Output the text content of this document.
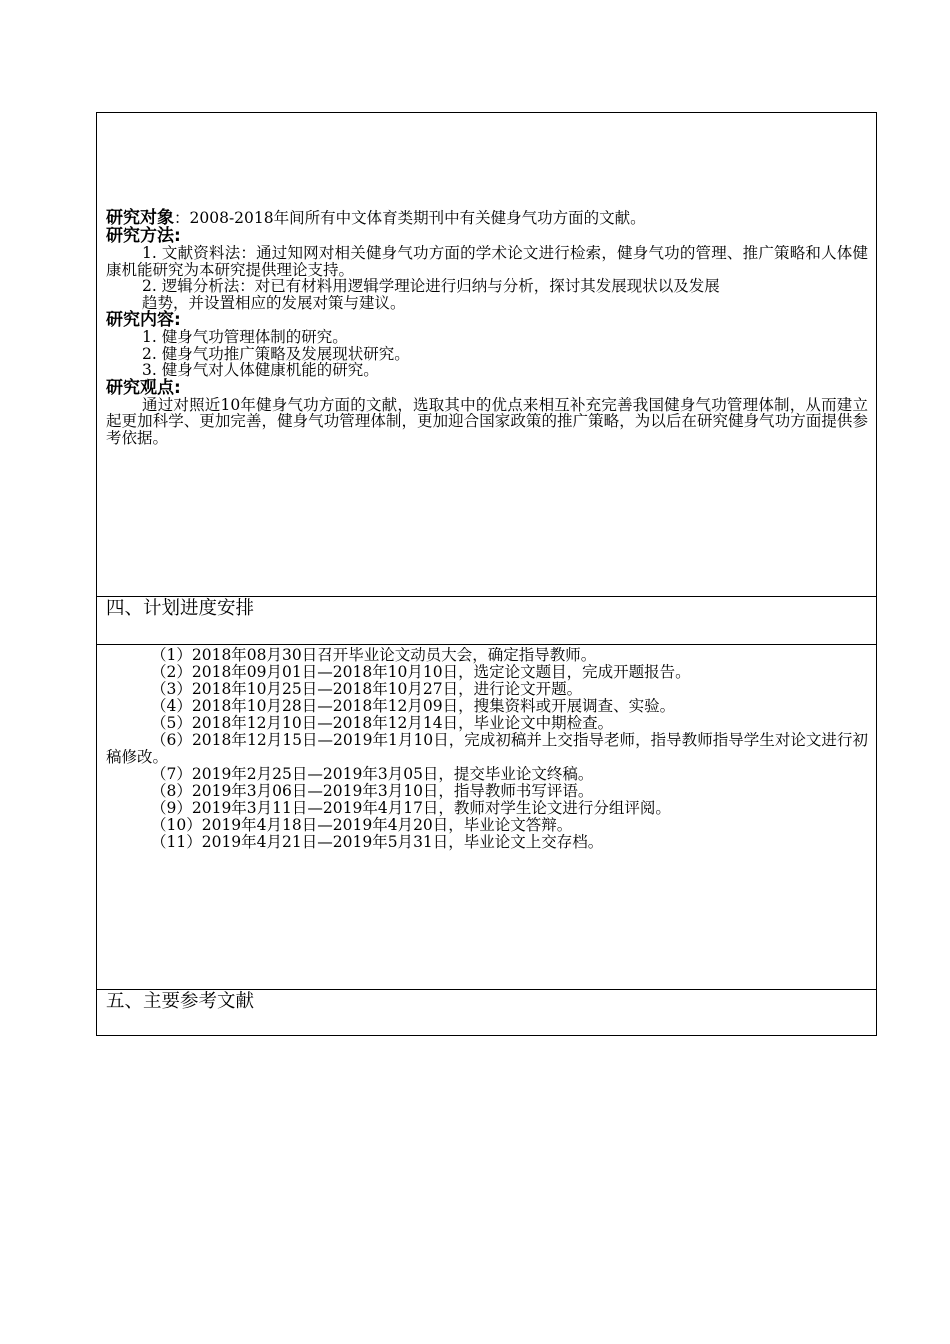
研究对象：2008-2018年间所有中文体育类期刊中有关健身气功方面的文献。

研究方法:

1. 文献资料法：通过知网对相关健身气功方面的学术论文进行检索，健身气功的管理、推广策略和人体健康机能研究为本研究提供理论支持。

2. 逻辑分析法：对已有材料用逻辑学理论进行归纳与分析，探讨其发展现状以及发展

趋势，并设置相应的发展对策与建议。

研究内容:

1. 健身气功管理体制的研究。

2. 健身气功推广策略及发展现状研究。

3. 健身气对人体健康机能的研究。

研究观点:

通过对照近10年健身气功方面的文献，选取其中的优点来相互补充完善我国健身气功管理体制，从而建立起更加科学、更加完善，健身气功管理体制，更加迎合国家政策的推广策略，为以后在研究健身气功方面提供参考依据。

四、计划进度安排

（1）2018年08月30日召开毕业论文动员大会，确定指导教师。

（2）2018年09月01日—2018年10月10日，选定论文题目，完成开题报告。

（3）2018年10月25日—2018年10月27日，进行论文开题。

（4）2018年10月28日—2018年12月09日，搜集资料或开展调查、实验。

（5）2018年12月10日—2018年12月14日，毕业论文中期检查。

（6）2018年12月15日—2019年1月10日，完成初稿并上交指导老师，指导教师指导学生对论文进行初稿修改。

（7）2019年2月25日—2019年3月05日，提交毕业论文终稿。

（8）2019年3月06日—2019年3月10日，指导教师书写评语。

（9）2019年3月11日—2019年4月17日，教师对学生论文进行分组评阅。

（10）2019年4月18日—2019年4月20日，毕业论文答辩。

（11）2019年4月21日—2019年5月31日，毕业论文上交存档。

五、主要参考文献
